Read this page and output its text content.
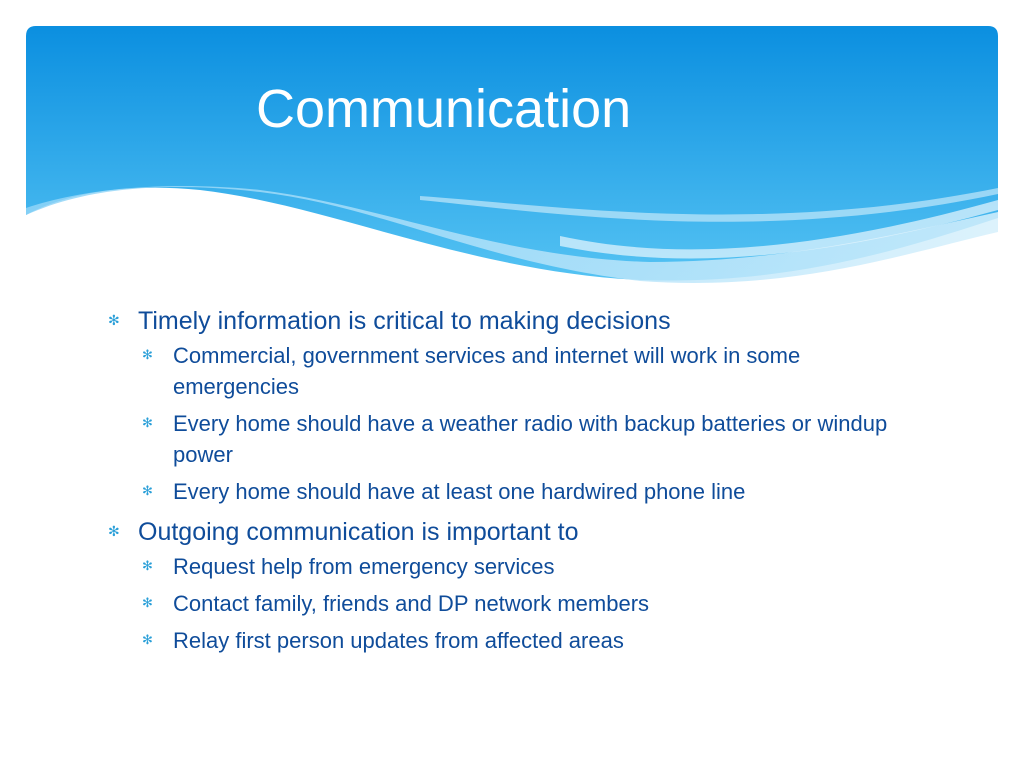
Communication
✻ Timely information is critical to making decisions
✻ Commercial, government services and internet will work in some emergencies
✻ Every home should have a weather radio with backup batteries or windup power
✻ Every home should have at least one hardwired phone line
✻ Outgoing communication is important to
✻ Request help from emergency services
✻ Contact family, friends and DP network members
✻ Relay first person updates from affected areas
